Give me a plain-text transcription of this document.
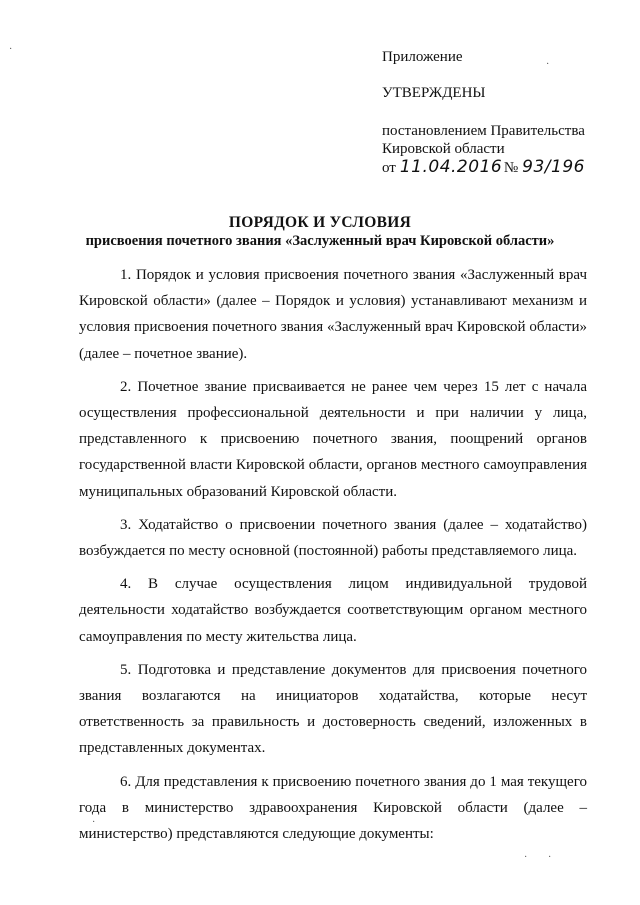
Приложение
УТВЕРЖДЕНЫ
постановлением Правительства
Кировской области
от 11.04.2016 № 93/196
ПОРЯДОК И УСЛОВИЯ
присвоения почетного звания «Заслуженный врач Кировской области»

1. Порядок и условия присвоения почетного звания «Заслуженный врач Кировской области» (далее – Порядок и условия) устанавливают механизм и условия присвоения почетного звания «Заслуженный врач Кировской области» (далее – почетное звание).

2. Почетное звание присваивается не ранее чем через 15 лет с начала осуществления профессиональной деятельности и при наличии у лица, представленного к присвоению почетного звания, поощрений органов государственной власти Кировской области, органов местного самоуправления муниципальных образований Кировской области.

3. Ходатайство о присвоении почетного звания (далее – ходатайство) возбуждается по месту основной (постоянной) работы представляемого лица.

4. В случае осуществления лицом индивидуальной трудовой деятельности ходатайство возбуждается соответствующим органом местного самоуправления по месту жительства лица.

5. Подготовка и представление документов для присвоения почетного звания возлагаются на инициаторов ходатайства, которые несут ответственность за правильность и достоверность сведений, изложенных в представленных документах.

6. Для представления к присвоению почетного звания до 1 мая текущего года в министерство здравоохранения Кировской области (далее – министерство) представляются следующие документы:

·
·
·
· ·
